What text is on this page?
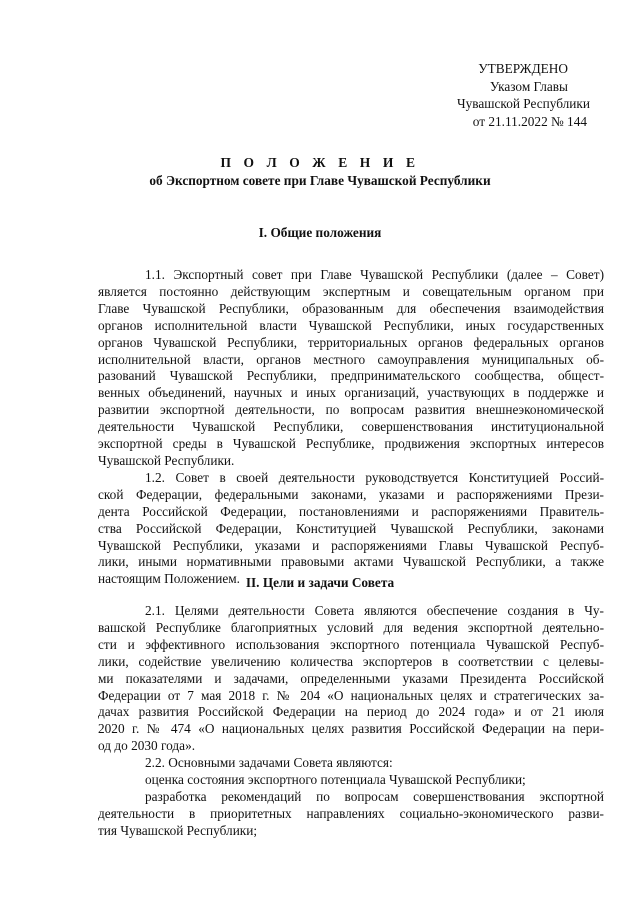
УТВЕРЖДЕНО
Указом Главы
Чувашской Республики
от 21.11.2022 № 144
П О Л О Ж Е Н И Е
об Экспортном совете при Главе Чувашской Республики
I. Общие положения
1.1. Экспортный совет при Главе Чувашской Республики (далее – Совет)
является постоянно действующим экспертным и совещательным органом при
Главе Чувашской Республики, образованным для обеспечения взаимодействия
органов исполнительной власти Чувашской Республики, иных государственных
органов Чувашской Республики, территориальных органов федеральных органов
исполнительной власти, органов местного самоуправления муниципальных об-
разований Чувашской Республики, предпринимательского сообщества, общест-
венных объединений, научных и иных организаций, участвующих в поддержке и
развитии экспортной деятельности, по вопросам развития внешнеэкономической
деятельности Чувашской Республики, совершенствования институциональной
экспортной среды в Чувашской Республике, продвижения экспортных интересов
Чувашской Республики.
1.2. Совет в своей деятельности руководствуется Конституцией Россий-
ской Федерации, федеральными законами, указами и распоряжениями Прези-
дента Российской Федерации, постановлениями и распоряжениями Правитель-
ства Российской Федерации, Конституцией Чувашской Республики, законами
Чувашской Республики, указами и распоряжениями Главы Чувашской Респуб-
лики, иными нормативными правовыми актами Чувашской Республики, а также
настоящим Положением. II. Цели и задачи Совета
2.1. Целями деятельности Совета являются обеспечение создания в Чу-
вашской Республике благоприятных условий для ведения экспортной деятельно-
сти и эффективного использования экспортного потенциала Чувашской Респуб-
лики, содействие увеличению количества экспортеров в соответствии с целевы-
ми показателями и задачами, определенными указами Президента Российской
Федерации от 7 мая 2018 г. № 204 «О национальных целях и стратегических за-
дачах развития Российской Федерации на период до 2024 года» и от 21 июля
2020 г. № 474 «О национальных целях развития Российской Федерации на пери-
од до 2030 года».
2.2. Основными задачами Совета являются:
оценка состояния экспортного потенциала Чувашской Республики;
разработка рекомендаций по вопросам совершенствования экспортной
деятельности в приоритетных направлениях социально-экономического разви-
тия Чувашской Республики;
